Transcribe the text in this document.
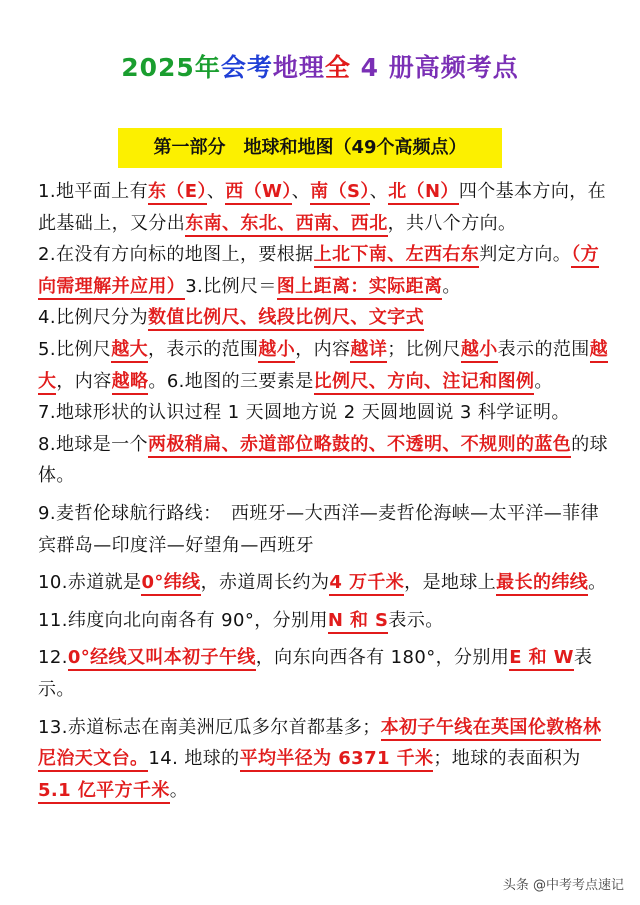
2025年会考地理全 4 册高频考点
第一部分　地球和地图（49个高频点）

1.地平面上有东（E）、西（W）、南（S）、北（N）四个基本方向，在此基础上，又分出东南、东北、西南、西北，共八个方向。

2.在没有方向标的地图上，要根据上北下南、左西右东判定方向。（方向需理解并应用）3.比例尺＝图上距离：实际距离。

4.比例尺分为数值比例尺、线段比例尺、文字式

5.比例尺越大，表示的范围越小，内容越详；比例尺越小表示的范围越大，内容越略。6.地图的三要素是比例尺、方向、注记和图例。

7.地球形状的认识过程 1 天圆地方说 2 天圆地圆说 3 科学证明。

8.地球是一个两极稍扁、赤道部位略鼓的、不透明、不规则的蓝色的球体。

9.麦哲伦球航行路线：　西班牙—大西洋—麦哲伦海峡—太平洋—菲律宾群岛—印度洋—好望角—西班牙

10.赤道就是0°纬线，赤道周长约为4 万千米，是地球上最长的纬线。

11.纬度向北向南各有 90°，分别用N 和 S表示。

12.0°经线又叫本初子午线，向东向西各有 180°，分别用E 和 W表示。

13.赤道标志在南美洲厄瓜多尔首都基多；本初子午线在英国伦敦格林尼治天文台。14. 地球的平均半径为 6371 千米；地球的表面积为5.1 亿平方千米。

头条 @中考考点速记
